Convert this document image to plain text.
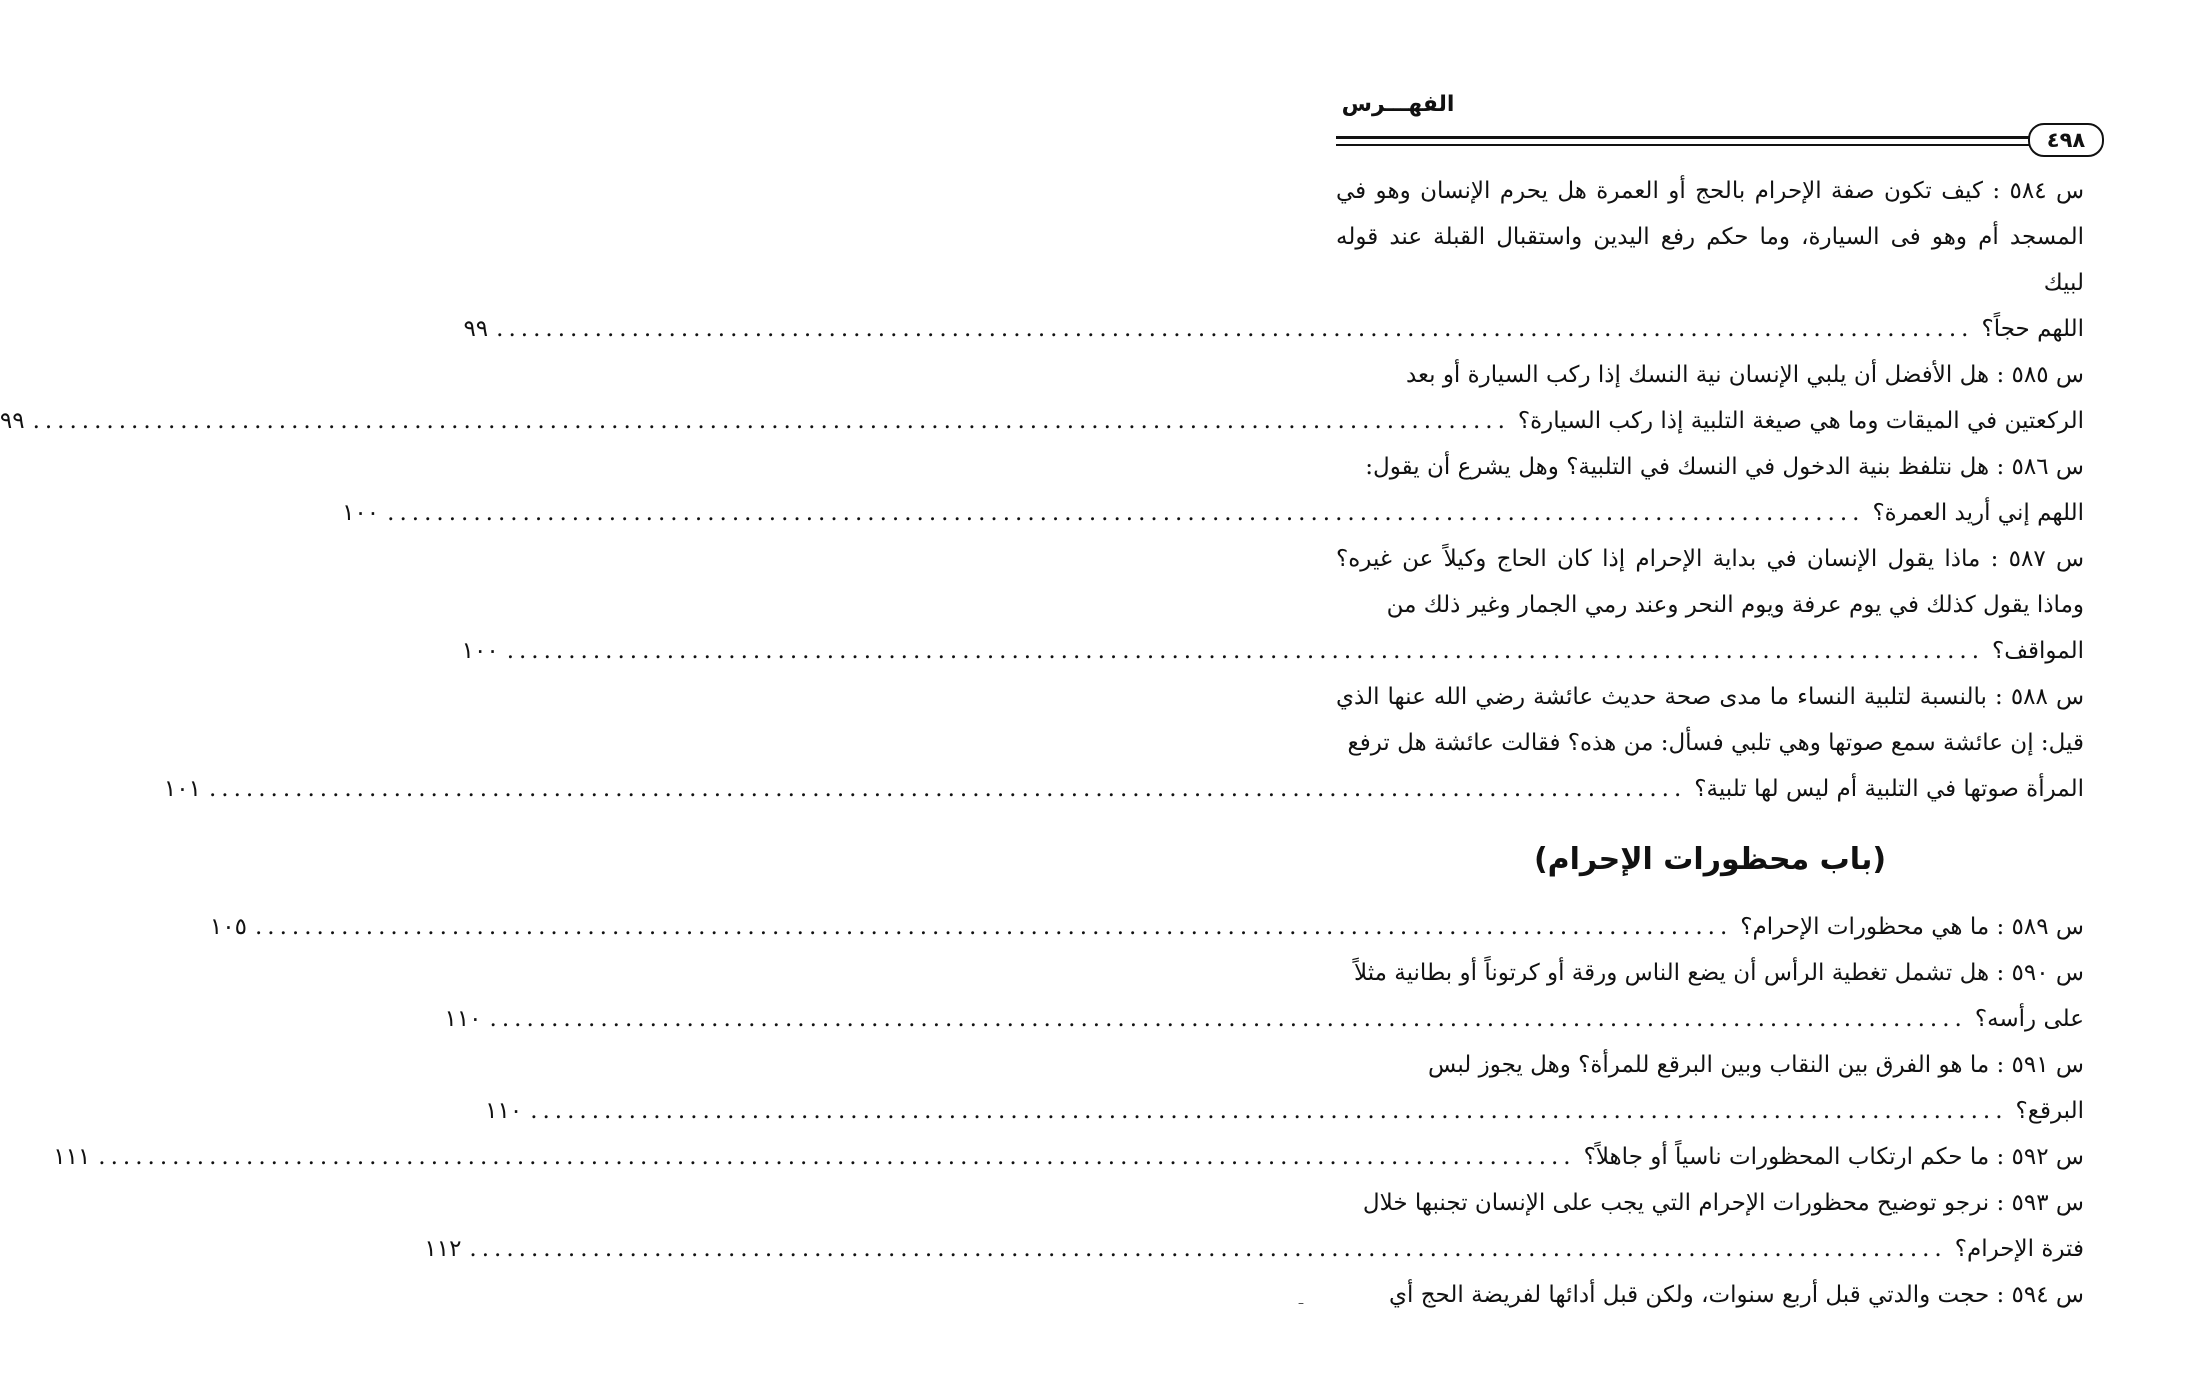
الفهـــرس
٤٩٨
س ٥٨٤ : كيف تكون صفة الإحرام بالحج أو العمرة هل يحرم الإنسان وهو في المسجد أم وهو فى السيارة، وما حكم رفع اليدين واستقبال القبلة عند قوله لبيك
اللهم حجاً؟
........................................................................................................................
٩٩
س ٥٨٥ : هل الأفضل أن يلبي الإنسان نية النسك إذا ركب السيارة أو بعد
الركعتين في الميقات وما هي صيغة التلبية إذا ركب السيارة؟
........................................................................................................................
٩٩
س ٥٨٦ : هل نتلفظ بنية الدخول في النسك في التلبية؟ وهل يشرع أن يقول:
اللهم إني أريد العمرة؟
........................................................................................................................
١٠٠
س ٥٨٧ : ماذا يقول الإنسان في بداية الإحرام إذا كان الحاج وكيلاً عن غيره؟ وماذا يقول كذلك في يوم عرفة ويوم النحر وعند رمي الجمار وغير ذلك من
المواقف؟
........................................................................................................................
١٠٠
س ٥٨٨ : بالنسبة لتلبية النساء ما مدى صحة حديث عائشة رضي الله عنها الذي قيل: إن عائشة سمع صوتها وهي تلبي فسأل: من هذه؟ فقالت عائشة هل ترفع
المرأة صوتها في التلبية أم ليس لها تلبية؟
........................................................................................................................
١٠١
(باب محظورات الإحرام)
س ٥٨٩ : ما هي محظورات الإحرام؟
........................................................................................................................
١٠٥
س ٥٩٠ : هل تشمل تغطية الرأس أن يضع الناس ورقة أو كرتوناً أو بطانية مثلاً
على رأسه؟
........................................................................................................................
١١٠
س ٥٩١ : ما هو الفرق بين النقاب وبين البرقع للمرأة؟ وهل يجوز لبس
البرقع؟
........................................................................................................................
١١٠
س ٥٩٢ : ما حكم ارتكاب المحظورات ناسياً أو جاهلاً؟
........................................................................................................................
١١١
س ٥٩٣ : نرجو توضيح محظورات الإحرام التي يجب على الإنسان تجنبها خلال
فترة الإحرام؟
........................................................................................................................
١١٢
س ٥٩٤ : حجت والدتي قبل أربع سنوات، ولكن قبل أدائها لفريضة الحج أي
–
